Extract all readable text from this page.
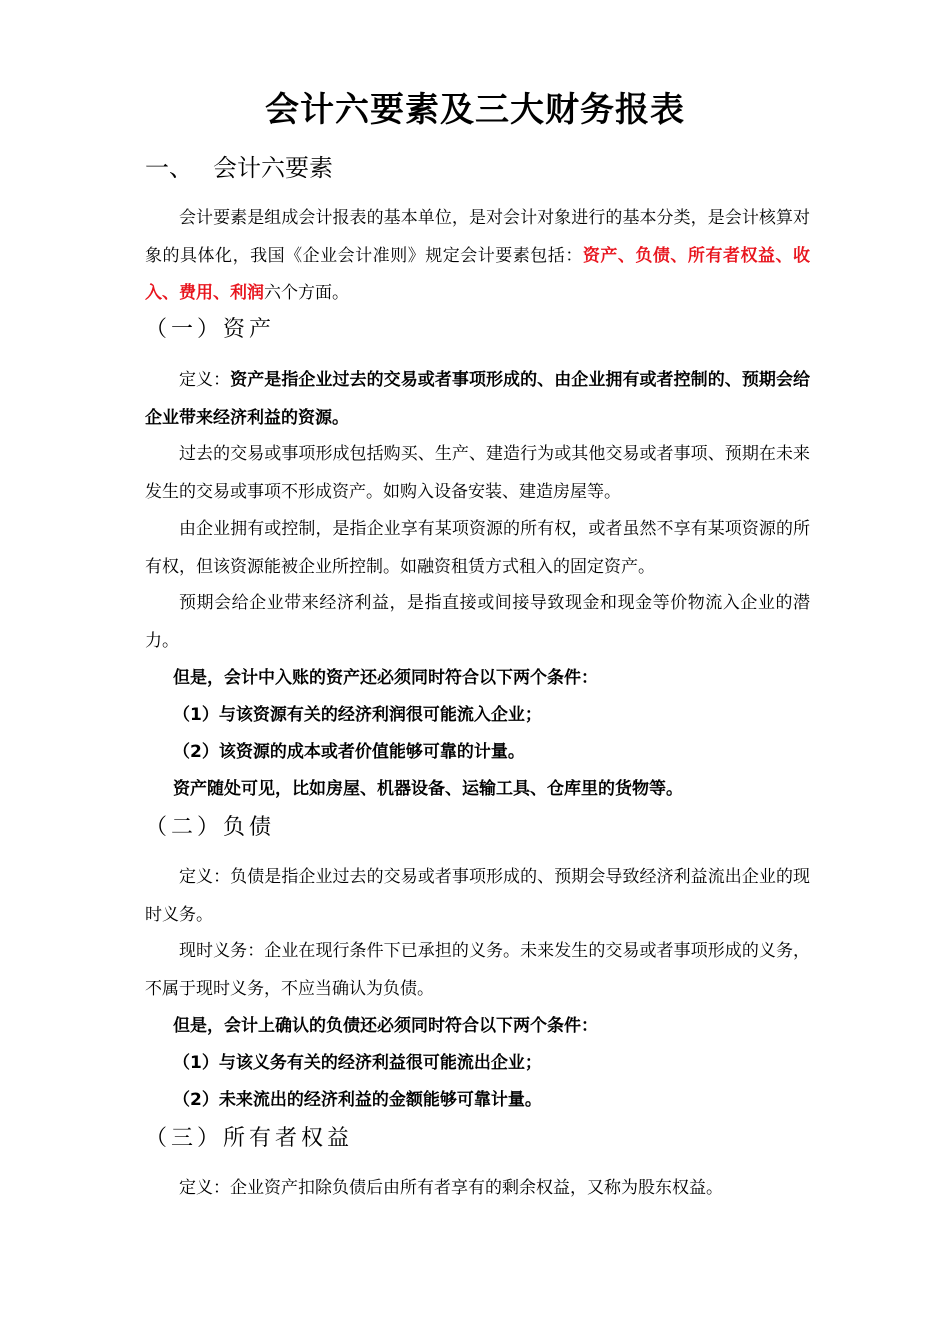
会计六要素及三大财务报表
一、 会计六要素
会计要素是组成会计报表的基本单位，是对会计对象进行的基本分类，是会计核算对象的具体化，我国《企业会计准则》规定会计要素包括：资产、负债、所有者权益、收入、费用、利润六个方面。
（一）资产
定义：资产是指企业过去的交易或者事项形成的、由企业拥有或者控制的、预期会给企业带来经济利益的资源。
过去的交易或事项形成包括购买、生产、建造行为或其他交易或者事项、预期在未来发生的交易或事项不形成资产。如购入设备安装、建造房屋等。
由企业拥有或控制，是指企业享有某项资源的所有权，或者虽然不享有某项资源的所有权，但该资源能被企业所控制。如融资租赁方式租入的固定资产。
预期会给企业带来经济利益，是指直接或间接导致现金和现金等价物流入企业的潜力。
但是，会计中入账的资产还必须同时符合以下两个条件：
（1）与该资源有关的经济利润很可能流入企业；
（2）该资源的成本或者价值能够可靠的计量。
资产随处可见，比如房屋、机器设备、运输工具、仓库里的货物等。
（二）负债
定义：负债是指企业过去的交易或者事项形成的、预期会导致经济利益流出企业的现时义务。
现时义务：企业在现行条件下已承担的义务。未来发生的交易或者事项形成的义务，不属于现时义务，不应当确认为负债。
但是，会计上确认的负债还必须同时符合以下两个条件：
（1）与该义务有关的经济利益很可能流出企业；
（2）未来流出的经济利益的金额能够可靠计量。
（三）所有者权益
定义：企业资产扣除负债后由所有者享有的剩余权益，又称为股东权益。
